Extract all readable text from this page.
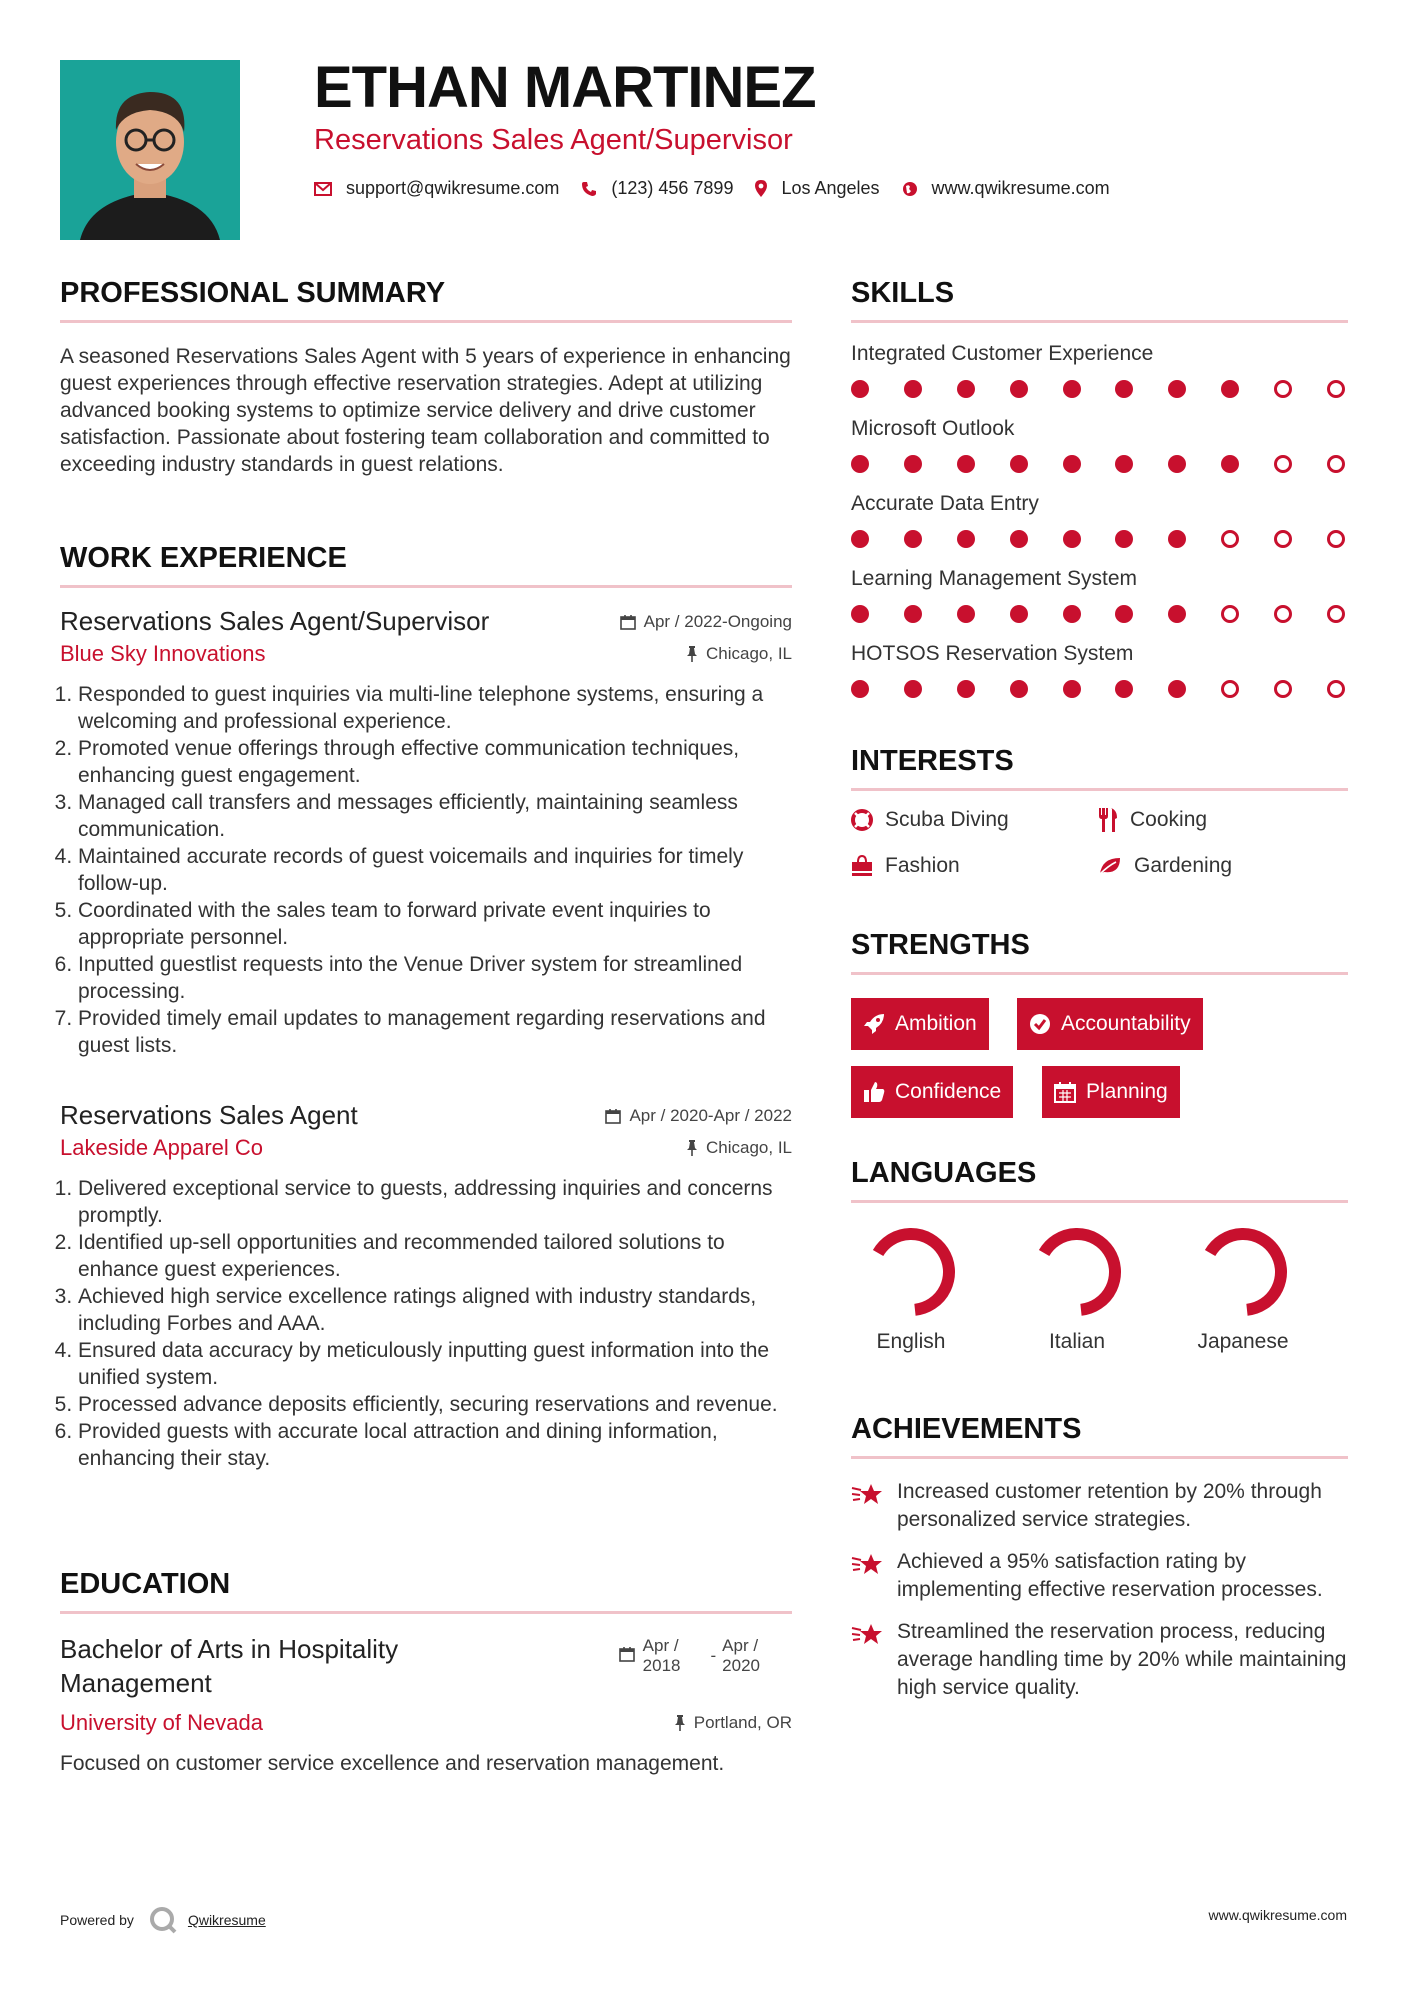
ETHAN MARTINEZ
Reservations Sales Agent/Supervisor
support@qwikresume.com	(123) 456 7899	Los Angeles	www.qwikresume.com
PROFESSIONAL SUMMARY
A seasoned Reservations Sales Agent with 5 years of experience in enhancing guest experiences through effective reservation strategies. Adept at utilizing advanced booking systems to optimize service delivery and drive customer satisfaction. Passionate about fostering team collaboration and committed to exceeding industry standards in guest relations.
WORK EXPERIENCE
Reservations Sales Agent/Supervisor	Apr / 2022-Ongoing
Blue Sky Innovations	Chicago, IL
1. Responded to guest inquiries via multi-line telephone systems, ensuring a welcoming and professional experience.
2. Promoted venue offerings through effective communication techniques, enhancing guest engagement.
3. Managed call transfers and messages efficiently, maintaining seamless communication.
4. Maintained accurate records of guest voicemails and inquiries for timely follow-up.
5. Coordinated with the sales team to forward private event inquiries to appropriate personnel.
6. Inputted guestlist requests into the Venue Driver system for streamlined processing.
7. Provided timely email updates to management regarding reservations and guest lists.
Reservations Sales Agent	Apr / 2020-Apr / 2022
Lakeside Apparel Co	Chicago, IL
1. Delivered exceptional service to guests, addressing inquiries and concerns promptly.
2. Identified up-sell opportunities and recommended tailored solutions to enhance guest experiences.
3. Achieved high service excellence ratings aligned with industry standards, including Forbes and AAA.
4. Ensured data accuracy by meticulously inputting guest information into the unified system.
5. Processed advance deposits efficiently, securing reservations and revenue.
6. Provided guests with accurate local attraction and dining information, enhancing their stay.
EDUCATION
Bachelor of Arts in Hospitality
Management
Apr /
2018
-
Apr /
2020
University of Nevada	Portland, OR
Focused on customer service excellence and reservation management.
SKILLS
Integrated Customer Experience
Microsoft Outlook
Accurate Data Entry
Learning Management System
HOTSOS Reservation System
INTERESTS
Scuba Diving	Cooking
Fashion	Gardening
STRENGTHS
Ambition	Accountability
Confidence	Planning
LANGUAGES
English	Italian	Japanese
ACHIEVEMENTS
Increased customer retention by 20% through personalized service strategies.
Achieved a 95% satisfaction rating by implementing effective reservation processes.
Streamlined the reservation process, reducing average handling time by 20% while maintaining high service quality.
Powered by	Qwikresume	www.qwikresume.com
